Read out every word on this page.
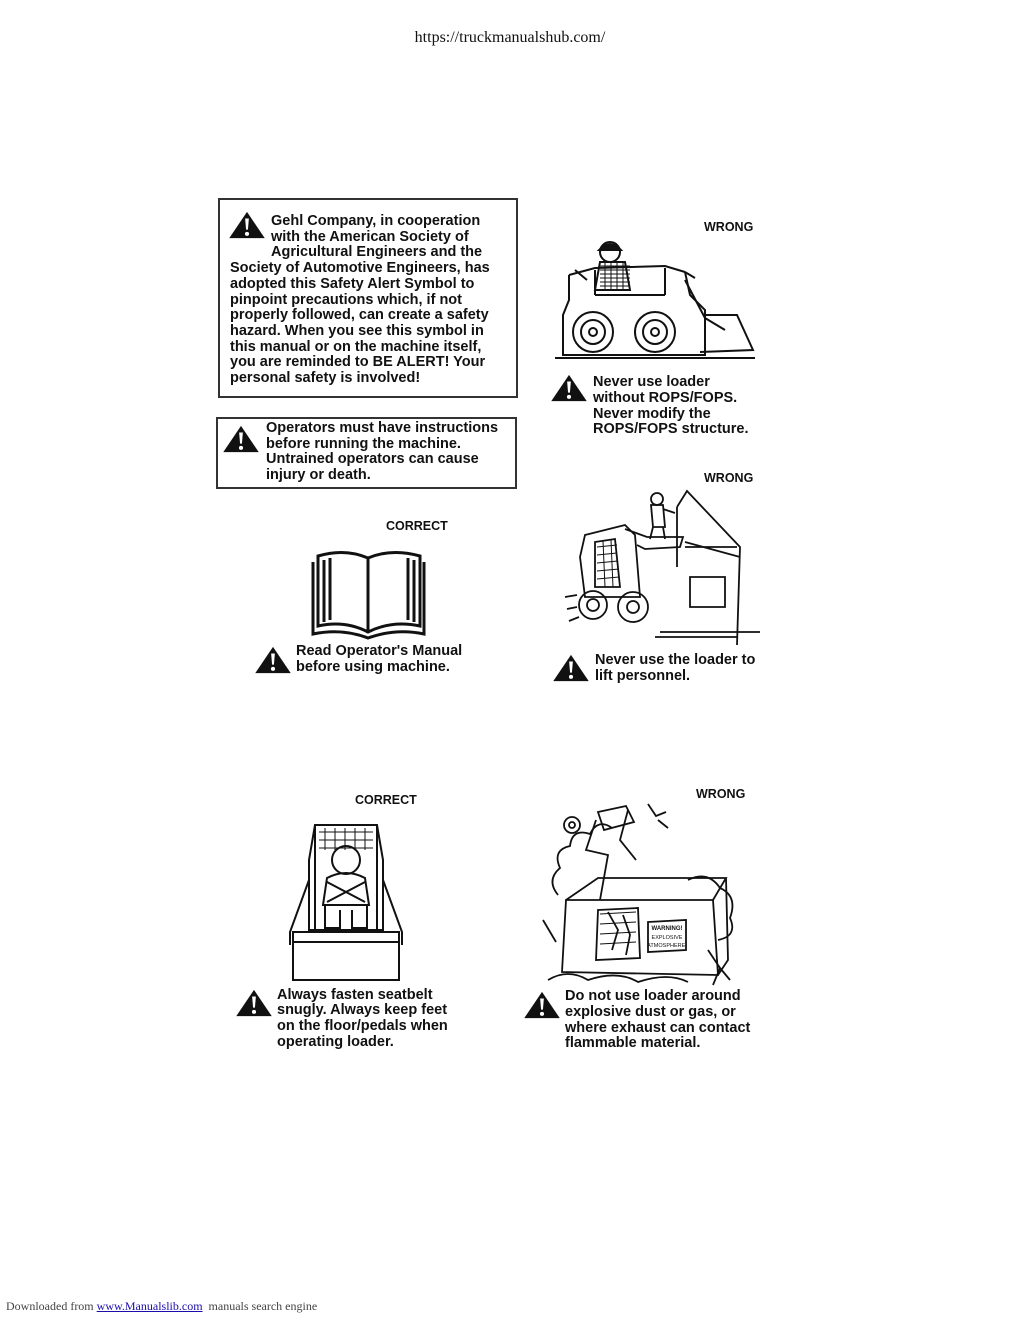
https://truckmanualshub.com/
Gehl Company, in cooperation
with the American Society of
Agricultural Engineers and the
Society of Automotive Engineers, has
adopted this Safety Alert Symbol to
pinpoint precautions which, if not
properly followed, can create a safety
hazard. When you see this symbol in
this manual or on the machine itself,
you are reminded to BE ALERT! Your
personal safety is involved!
Operators must have instructions
before running the machine.
Untrained operators can cause
injury or death.
WRONG
Never use loader
without ROPS/FOPS.
Never modify the
ROPS/FOPS structure.
CORRECT
Read Operator's Manual
before using machine.
WRONG
Never use the loader to
lift personnel.
CORRECT
Always fasten seatbelt
snugly. Always keep feet
on the floor/pedals when
operating loader.
WRONG
WARNING!
EXPLOSIVE
ATMOSPHERE!
Do not use loader around
explosive dust or gas, or
where exhaust can contact
flammable material.
Downloaded from www.Manualslib.com  manuals search engine
